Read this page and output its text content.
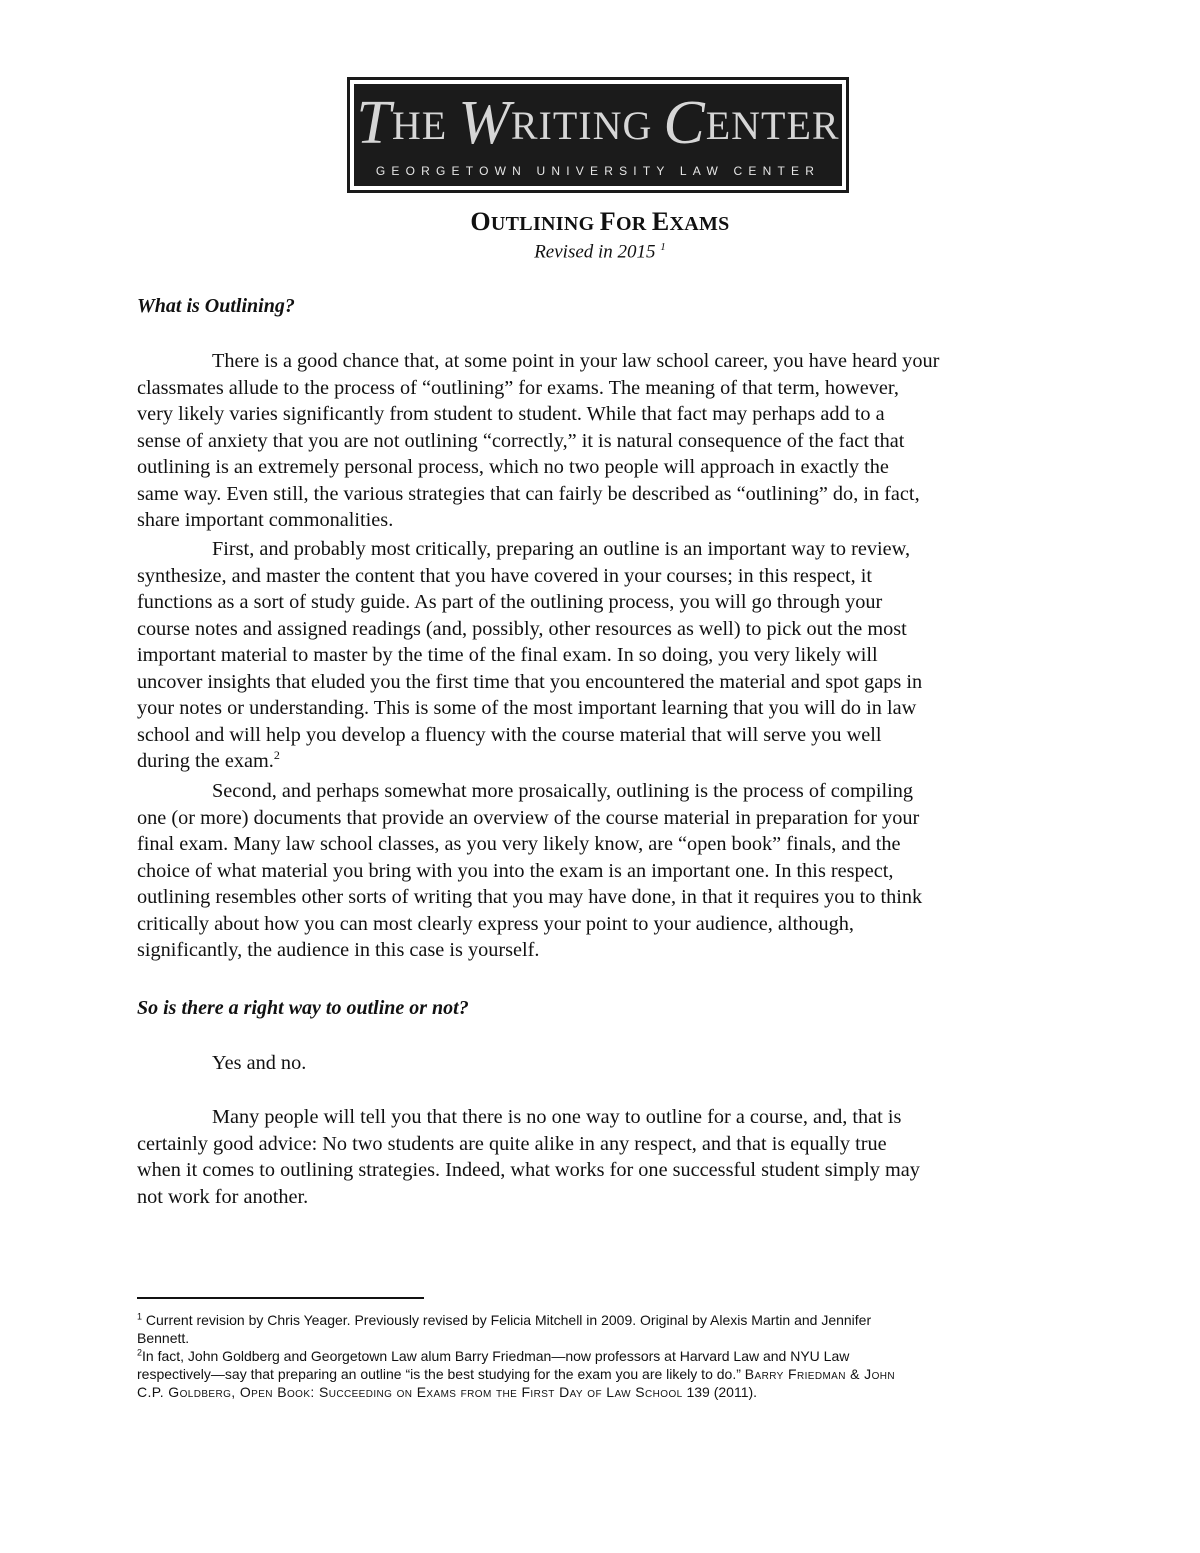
THE WRITING CENTER
GEORGETOWN UNIVERSITY LAW CENTER
OUTLINING FOR EXAMS
Revised in 2015 $^1$
What is Outlining?
There is a good chance that, at some point in your law school career, you have heard your
classmates allude to the process of “outlining” for exams. The meaning of that term, however,
very likely varies significantly from student to student. While that fact may perhaps add to a
sense of anxiety that you are not outlining “correctly,” it is natural consequence of the fact that
outlining is an extremely personal process, which no two people will approach in exactly the
same way. Even still, the various strategies that can fairly be described as “outlining” do, in fact,
share important commonalities.
First, and probably most critically, preparing an outline is an important way to review,
synthesize, and master the content that you have covered in your courses; in this respect, it
functions as a sort of study guide. As part of the outlining process, you will go through your
course notes and assigned readings (and, possibly, other resources as well) to pick out the most
important material to master by the time of the final exam. In so doing, you very likely will
uncover insights that eluded you the first time that you encountered the material and spot gaps in
your notes or understanding. This is some of the most important learning that you will do in law
school and will help you develop a fluency with the course material that will serve you well
during the exam.$^2$
Second, and perhaps somewhat more prosaically, outlining is the process of compiling
one (or more) documents that provide an overview of the course material in preparation for your
final exam. Many law school classes, as you very likely know, are “open book” finals, and the
choice of what material you bring with you into the exam is an important one. In this respect,
outlining resembles other sorts of writing that you may have done, in that it requires you to think
critically about how you can most clearly express your point to your audience, although,
significantly, the audience in this case is yourself.
So is there a right way to outline or not?
Yes and no.
Many people will tell you that there is no one way to outline for a course, and, that is
certainly good advice: No two students are quite alike in any respect, and that is equally true
when it comes to outlining strategies. Indeed, what works for one successful student simply may
not work for another.
$^1$ Current revision by Chris Yeager. Previously revised by Felicia Mitchell in 2009. Original by Alexis Martin and Jennifer
Bennett.
$^2$In fact, John Goldberg and Georgetown Law alum Barry Friedman—now professors at Harvard Law and NYU Law
respectively—say that preparing an outline “is the best studying for the exam you are likely to do.” Barry Friedman & John
C.P. Goldberg, Open Book: Succeeding on Exams from the First Day of Law School 139 (2011).
